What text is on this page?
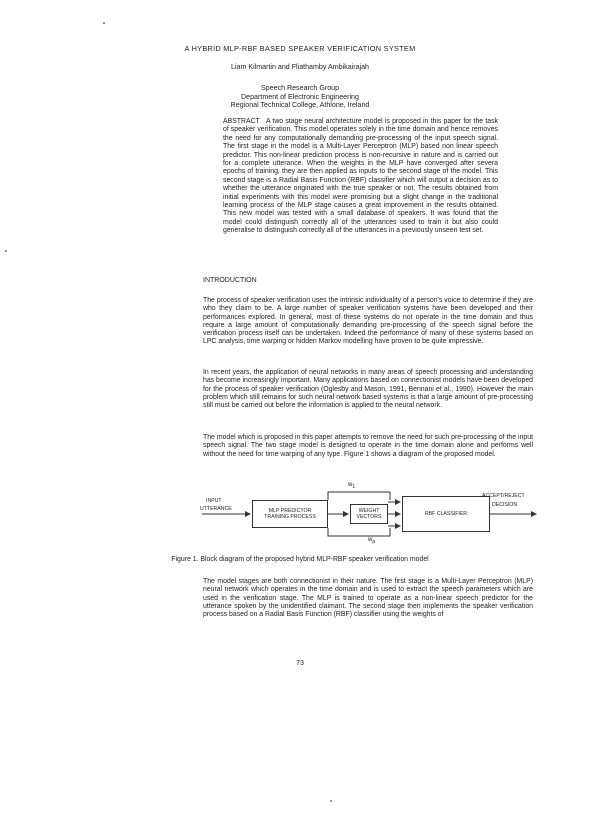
A HYBRID MLP-RBF BASED SPEAKER VERIFICATION SYSTEM
Liam Kilmartin and Fliathamby Ambikairajah
Speech Research Group
Department of Electronic Engineering
Regional Technical College, Athlone, Ireland

ABSTRACT A two stage neural architecture model is proposed in this paper for the task of speaker verification. This model operates solely in the time domain and hence removes the need for any computationally demanding pre-processing of the input speech signal. The first stage in the model is a Multi-Layer Perceptron (MLP) based non linear speech predictor. This non-linear prediction process is non-recursive in nature and is carried out for a complete utterance. When the weights in the MLP have converged after severa epochs of training, they are then applied as inputs to the second stage of the model. This second stage is a Radial Basis Function (RBF) classifier which will output a decision as to whether the utterance originated with the true speaker or not. The results obtained from initial experiments with this model were promising but a slight change in the traditional learning process of the MLP stage causes a great improvement in the results obtained. This new model was tested with a small database of speakers. It was found that the model could distinguish correctly all of the utterances used to train it but also could generalise to distinguish correctly all of the utterances in a previously unseen test set.

INTRODUCTION

The process of speaker verification uses the intrinsic individuality of a person's voice to determine if they are who they claim to be. A large number of speaker verification systems have been developed and their performances explored. In general, most of these systems do not operate in the time domain and thus require a large amount of computationally demanding pre-processing of the speech signal before the verification process itself can be undertaken. Indeed the performance of many of these systems based on LPC analysis, time warping or hidden Markov modelling have proven to be quite impressive.

In recent years, the application of neural networks in many areas of speech processing and understanding has become increasingly important. Many applications based on connectionist models have been developed for the process of speaker verification (Oglesby and Mason, 1991, Bennani et al., 1990). However the main problem which still remains for such neural network based systems is that a large amount of pre-processing still must be carried out before the information is applied to the neural network.

The model which is proposed in this paper attempts to remove the need for such pre-processing of the input speech signal. The two stage model is designed to operate in the time domain alone and performs well without the need for time warping of any type. Figure 1 shows a diagram of the proposed model.

INPUT
UTTERANCE	MLP PREDICTOR
TRAINING PROCESS
WEIGHT
VECTORS
RBF CLASSIFIER
$w_1$
$w_p$
ACCEPT/REJECT
DECISION
Figure 1. Block diagram of the proposed hybrid MLP-RBF speaker verification model

The model stages are both connectionist in their nature. The first stage is a Multi-Layer Perceptron (MLP) neural network which operates in the time domain and is used to extract the speech parameters which are used in the verification stage. The MLP is trained to operate as a non-linear speech predictor for the utterance spoken by the unidentified claimant. The second stage then implements the speaker verification process based on a Radial Basis Function (RBF) classifier using the weights of

73
